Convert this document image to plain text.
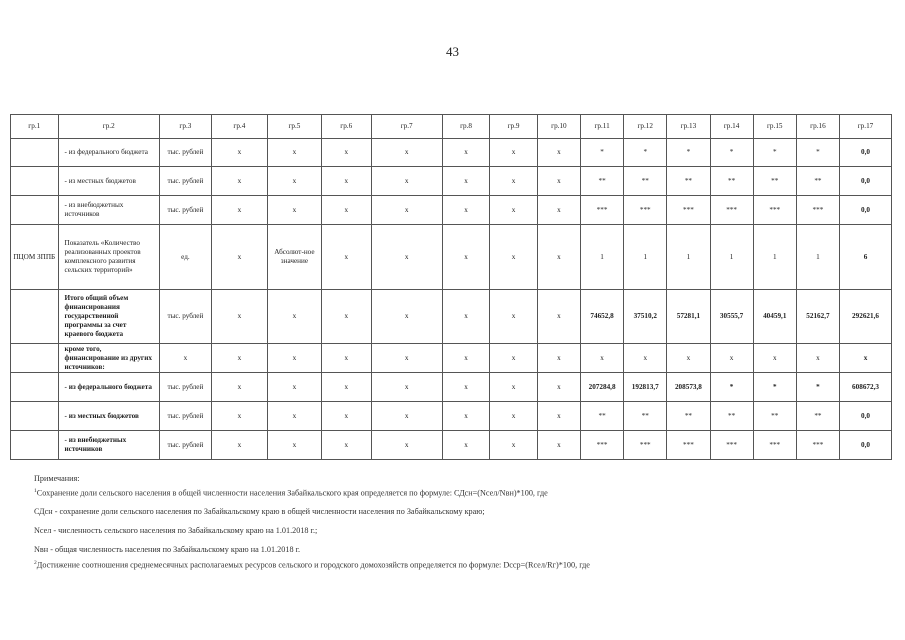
43
гр.1	гр.2	гр.3	гр.4	гр.5	гр.6	гр.7	гр.8	гр.9	гр.10	гр.11	гр.12	гр.13	гр.14	гр.15	гр.16	гр.17
	- из федерального бюджета	тыс. рублей	х	х	х	х	х	х	х	*	*	*	*	*	*	0,0
	- из местных бюджетов	тыс. рублей	х	х	х	х	х	х	х	**	**	**	**	**	**	0,0
	- из внебюджетных источников	тыс. рублей	х	х	х	х	х	х	х	***	***	***	***	***	***	0,0
ПЦОМ ЗППБ	Показатель «Количество реализованных проектов комплексного развития сельских территорий»	ед.	х	Абсолют-ное значение	х	х	х	х	х	1	1	1	1	1	1	6
	Итого общий объем финансирования государственной программы за счет краевого бюджета	тыс. рублей	х	х	х	х	х	х	х	74652,8	37510,2	57281,1	30555,7	40459,1	52162,7	292621,6
	кроме того, финансирование из других источников:	х	х	х	х	х	х	х	х	х	х	х	х	х	х	х
	- из федерального бюджета	тыс. рублей	х	х	х	х	х	х	х	207284,8	192813,7	208573,8	*	*	*	608672,3
	- из местных бюджетов	тыс. рублей	х	х	х	х	х	х	х	**	**	**	**	**	**	0,0
	- из внебюджетных источников	тыс. рублей	х	х	х	х	х	х	х	***	***	***	***	***	***	0,0

Примечания:

$^1$Сохранение доли сельского населения в общей численности населения Забайкальского края определяется по формуле: СДсн=(Nсел/Nвн)*100, где

СДсн - сохранение доли сельского населения по Забайкальскому краю в общей численности населения по Забайкальскому краю;

Nсел - численность сельского населения по Забайкальскому краю на 1.01.2018 г.;

Nвн - общая численность населения по Забайкальскому краю на 1.01.2018 г.

$^2$Достижение соотношения среднемесячных располагаемых ресурсов сельского и городского домохозяйств определяется по формуле: Dсср=(Rсел/Rг)*100, где
